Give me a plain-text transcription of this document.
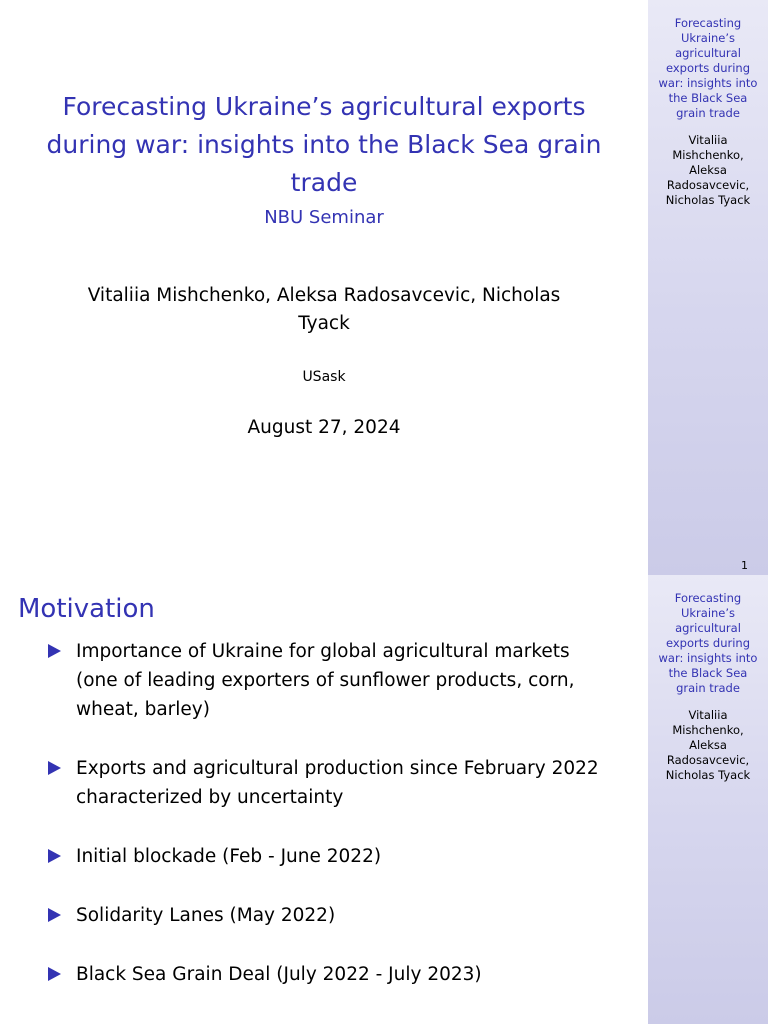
Forecasting Ukraine’s agricultural exports
during war: insights into the Black Sea grain
trade
NBU Seminar
Vitaliia Mishchenko, Aleksa Radosavcevic, Nicholas
Tyack
USask
August 27, 2024
Forecasting
Ukraine’s
agricultural
exports during
war: insights into
the Black Sea
grain trade
Vitaliia
Mishchenko,
Aleksa
Radosavcevic,
Nicholas Tyack
1
Motivation
Importance of Ukraine for global agricultural markets
(one of leading exporters of sunflower products, corn,
wheat, barley)
Exports and agricultural production since February 2022
characterized by uncertainty
Initial blockade (Feb - June 2022)
Solidarity Lanes (May 2022)
Black Sea Grain Deal (July 2022 - July 2023)
Forecasting
Ukraine’s
agricultural
exports during
war: insights into
the Black Sea
grain trade
Vitaliia
Mishchenko,
Aleksa
Radosavcevic,
Nicholas Tyack
